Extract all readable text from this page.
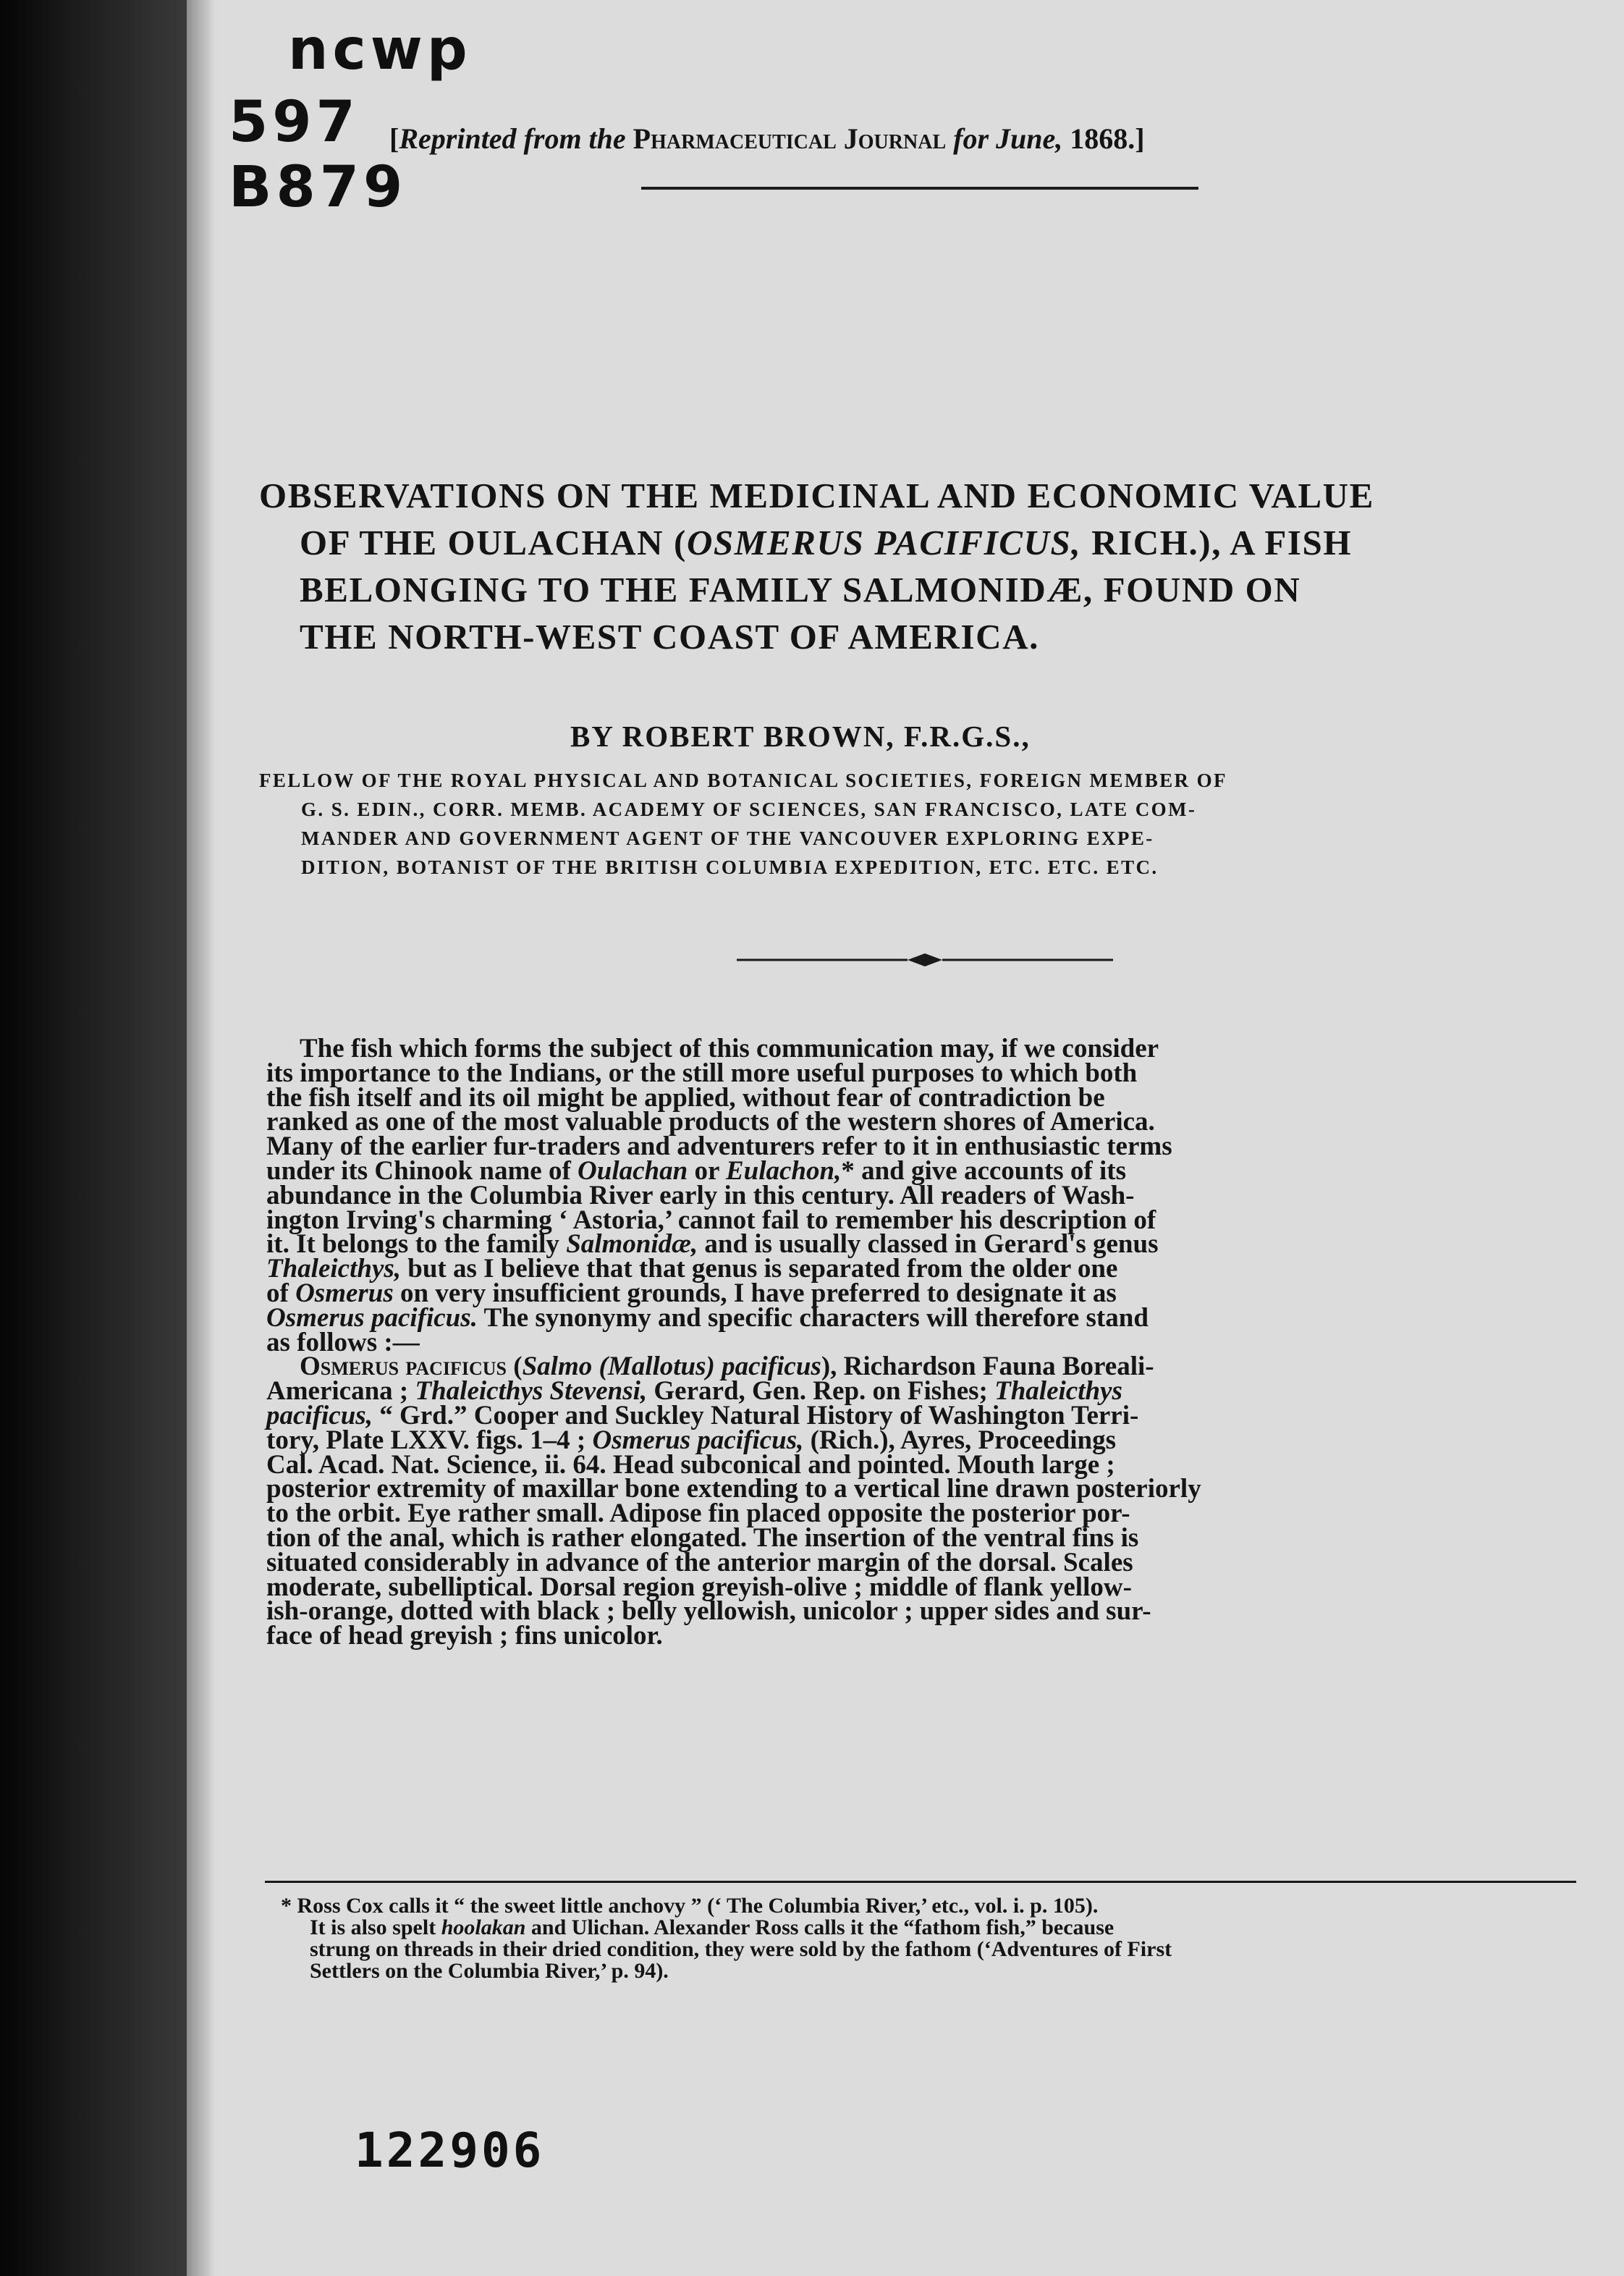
ncwp
597
B879
[Reprinted from the Pharmaceutical Journal for June, 1868.]
OBSERVATIONS ON THE MEDICINAL AND ECONOMIC VALUE
OF THE OULACHAN (OSMERUS PACIFICUS, RICH.), A FISH
BELONGING TO THE FAMILY SALMONIDÆ, FOUND ON
THE NORTH-WEST COAST OF AMERICA.
BY ROBERT BROWN, F.R.G.S.,
FELLOW OF THE ROYAL PHYSICAL AND BOTANICAL SOCIETIES, FOREIGN MEMBER OF
G. S. EDIN., CORR. MEMB. ACADEMY OF SCIENCES, SAN FRANCISCO, LATE COM-
MANDER AND GOVERNMENT AGENT OF THE VANCOUVER EXPLORING EXPE-
DITION, BOTANIST OF THE BRITISH COLUMBIA EXPEDITION, ETC. ETC. ETC.
The fish which forms the subject of this communication may, if we consider
its importance to the Indians, or the still more useful purposes to which both
the fish itself and its oil might be applied, without fear of contradiction be
ranked as one of the most valuable products of the western shores of America.
Many of the earlier fur-traders and adventurers refer to it in enthusiastic terms
under its Chinook name of Oulachan or Eulachon,* and give accounts of its
abundance in the Columbia River early in this century. All readers of Wash-
ington Irving's charming ‘ Astoria,’ cannot fail to remember his description of
it. It belongs to the family Salmonidæ, and is usually classed in Gerard's genus
Thaleicthys, but as I believe that that genus is separated from the older one
of Osmerus on very insufficient grounds, I have preferred to designate it as
Osmerus pacificus. The synonymy and specific characters will therefore stand
as follows :—
Osmerus pacificus (Salmo (Mallotus) pacificus), Richardson Fauna Boreali-
Americana ; Thaleicthys Stevensi, Gerard, Gen. Rep. on Fishes; Thaleicthys
pacificus, “ Grd.” Cooper and Suckley Natural History of Washington Terri-
tory, Plate LXXV. figs. 1–4 ; Osmerus pacificus, (Rich.), Ayres, Proceedings
Cal. Acad. Nat. Science, ii. 64. Head subconical and pointed. Mouth large ;
posterior extremity of maxillar bone extending to a vertical line drawn posteriorly
to the orbit. Eye rather small. Adipose fin placed opposite the posterior por-
tion of the anal, which is rather elongated. The insertion of the ventral fins is
situated considerably in advance of the anterior margin of the dorsal. Scales
moderate, subelliptical. Dorsal region greyish-olive ; middle of flank yellow-
ish-orange, dotted with black ; belly yellowish, unicolor ; upper sides and sur-
face of head greyish ; fins unicolor.
* Ross Cox calls it “ the sweet little anchovy ” (‘ The Columbia River,’ etc., vol. i. p. 105).
It is also spelt hoolakan and Ulichan. Alexander Ross calls it the “fathom fish,” because
strung on threads in their dried condition, they were sold by the fathom (‘Adventures of First
Settlers on the Columbia River,’ p. 94).
122906
